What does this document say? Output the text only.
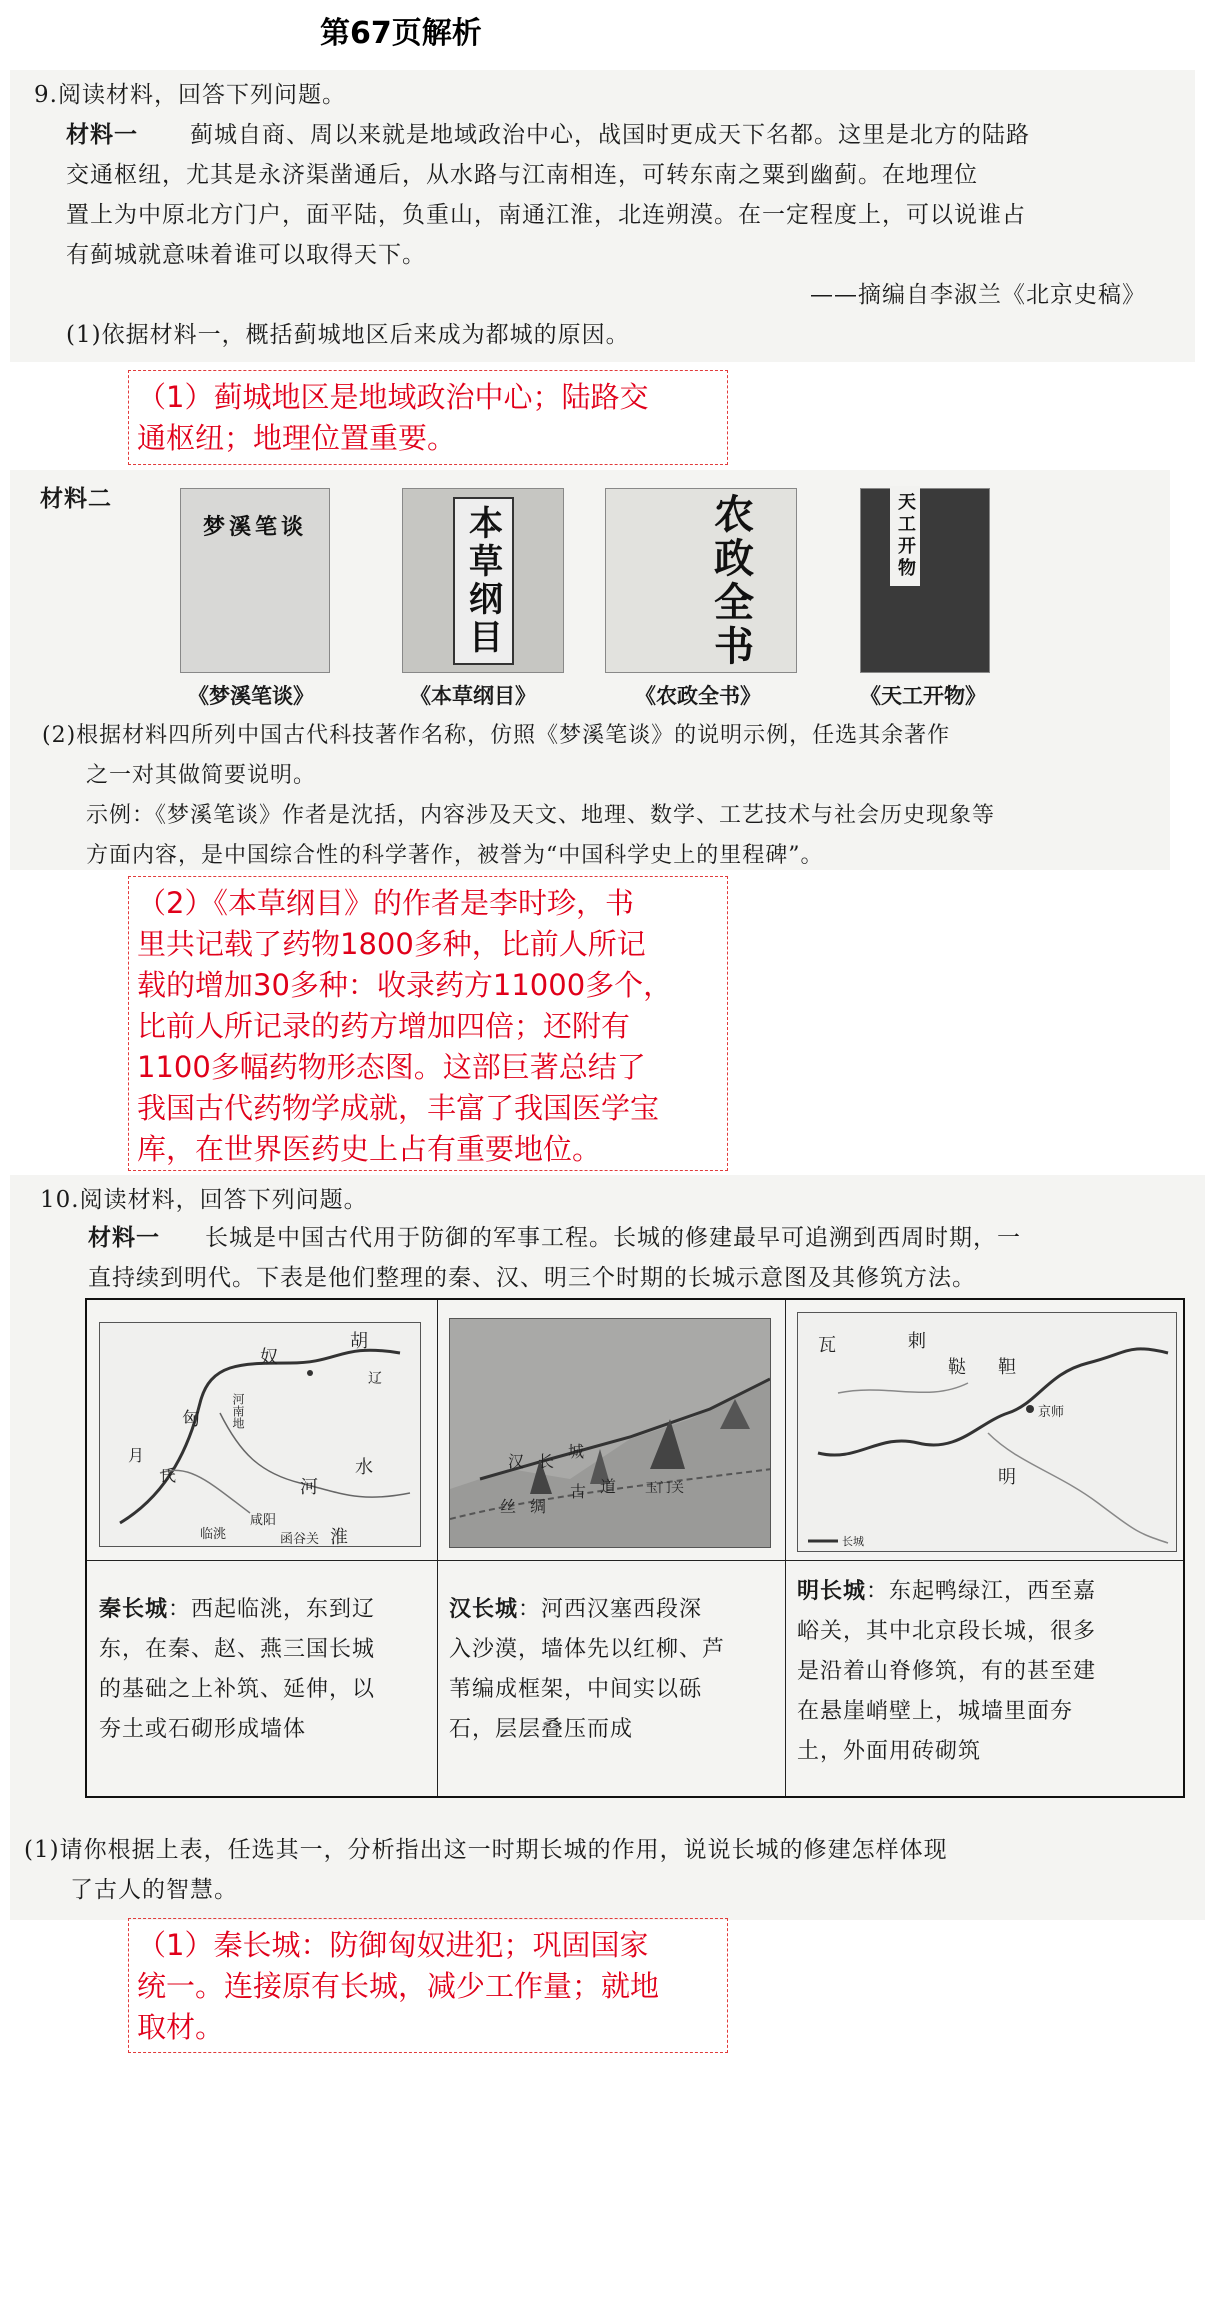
第67页解析
9.阅读材料，回答下列问题。
材料一 蓟城自商、周以来就是地域政治中心，战国时更成天下名都。这里是北方的陆路
交通枢纽，尤其是永济渠凿通后，从水路与江南相连，可转东南之粟到幽蓟。在地理位
置上为中原北方门户，面平陆，负重山，南通江淮，北连朔漠。在一定程度上，可以说谁占
有蓟城就意味着谁可以取得天下。
——摘编自李淑兰《北京史稿》
(1)依据材料一，概括蓟城地区后来成为都城的原因。
（1）蓟城地区是地域政治中心；陆路交
通枢纽；地理位置重要。
材料二
梦溪笔谈	本草纲目	农政全书	天工开物
《梦溪笔谈》	《本草纲目》	《农政全书》	《天工开物》
(2)根据材料四所列中国古代科技著作名称，仿照《梦溪笔谈》的说明示例，任选其余著作
之一对其做简要说明。
示例：《梦溪笔谈》作者是沈括，内容涉及天文、地理、数学、工艺技术与社会历史现象等
方面内容，是中国综合性的科学著作，被誉为“中国科学史上的里程碑”。
（2）《本草纲目》的作者是李时珍，书
里共记载了药物1800多种，比前人所记
载的增加30多种：收录药方11000多个，
比前人所记录的药方增加四倍；还附有
1100多幅药物形态图。这部巨著总结了
我国古代药物学成就，丰富了我国医学宝
库，在世界医药史上占有重要地位。
10.阅读材料，回答下列问题。
材料一 长城是中国古代用于防御的军事工程。长城的修建最早可追溯到西周时期，一
直持续到明代。下表是他们整理的秦、汉、明三个时期的长城示意图及其修筑方法。
匈
奴
胡
月
氏
河南地
临洮
咸阳
函谷关
河
水
淮
辽
汉 长
城
丝 绸
古 道 玉门关
瓦	剌
鞑 靼
京师
明
长城
秦长城：西起临洮，东到辽
东，在秦、赵、燕三国长城
的基础之上补筑、延伸，以
夯土或石砌形成墙体
汉长城：河西汉塞西段深
入沙漠，墙体先以红柳、芦
苇编成框架，中间实以砾
石，层层叠压而成
明长城：东起鸭绿江，西至嘉
峪关，其中北京段长城，很多
是沿着山脊修筑，有的甚至建
在悬崖峭壁上，城墙里面夯
土，外面用砖砌筑
(1)请你根据上表，任选其一，分析指出这一时期长城的作用，说说长城的修建怎样体现
了古人的智慧。
（1）秦长城：防御匈奴进犯；巩固国家
统一。连接原有长城，减少工作量；就地
取材。
